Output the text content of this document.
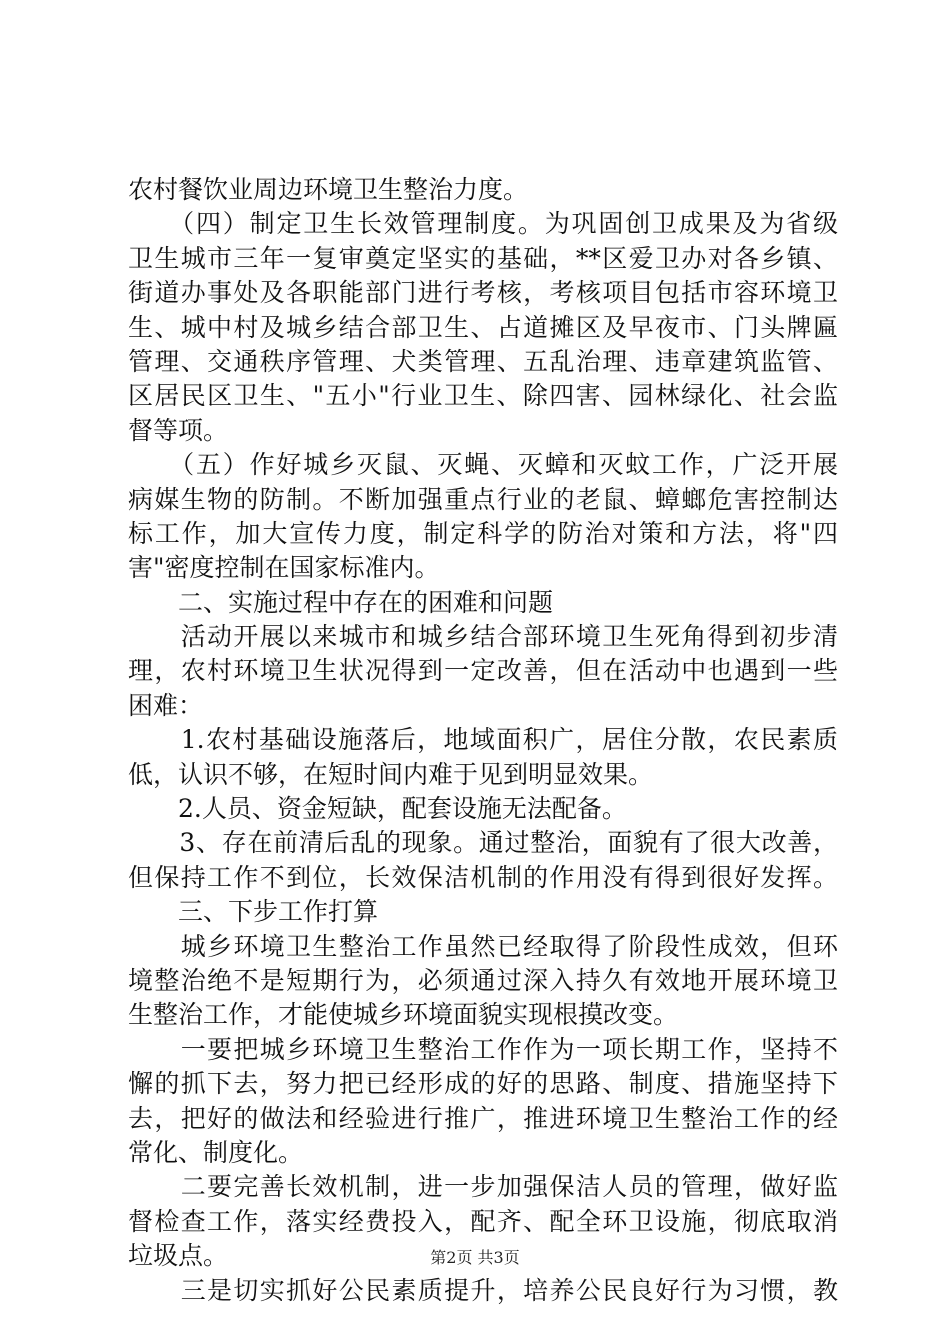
农村餐饮业周边环境卫生整治力度。
　　（四）制定卫生长效管理制度。为巩固创卫成果及为省级
卫生城市三年一复审奠定坚实的基础，**区爱卫办对各乡镇、
街道办事处及各职能部门进行考核，考核项目包括市容环境卫
生、城中村及城乡结合部卫生、占道摊区及早夜市、门头牌匾
管理、交通秩序管理、犬类管理、五乱治理、违章建筑监管、
区居民区卫生、"五小"行业卫生、除四害、园林绿化、社会监
督等项。
　　（五）作好城乡灭鼠、灭蝇、灭蟑和灭蚊工作，广泛开展
病媒生物的防制。不断加强重点行业的老鼠、蟑螂危害控制达
标工作，加大宣传力度，制定科学的防治对策和方法，将"四
害"密度控制在国家标准内。
　　二、实施过程中存在的困难和问题
　　活动开展以来城市和城乡结合部环境卫生死角得到初步清
理，农村环境卫生状况得到一定改善，但在活动中也遇到一些
困难：
　　1.农村基础设施落后，地域面积广，居住分散，农民素质
低，认识不够，在短时间内难于见到明显效果。
　　2.人员、资金短缺，配套设施无法配备。
　　3、存在前清后乱的现象。通过整治，面貌有了很大改善，
但保持工作不到位，长效保洁机制的作用没有得到很好发挥。
　　三、下步工作打算
　　城乡环境卫生整治工作虽然已经取得了阶段性成效，但环
境整治绝不是短期行为，必须通过深入持久有效地开展环境卫
生整治工作，才能使城乡环境面貌实现根摸改变。
　　一要把城乡环境卫生整治工作作为一项长期工作，坚持不
懈的抓下去，努力把已经形成的好的思路、制度、措施坚持下
去，把好的做法和经验进行推广，推进环境卫生整治工作的经
常化、制度化。
　　二要完善长效机制，进一步加强保洁人员的管理，做好监
督检查工作，落实经费投入，配齐、配全环卫设施，彻底取消
垃圾点。
　　三是切实抓好公民素质提升，培养公民良好行为习惯，教
第2页 共3页
